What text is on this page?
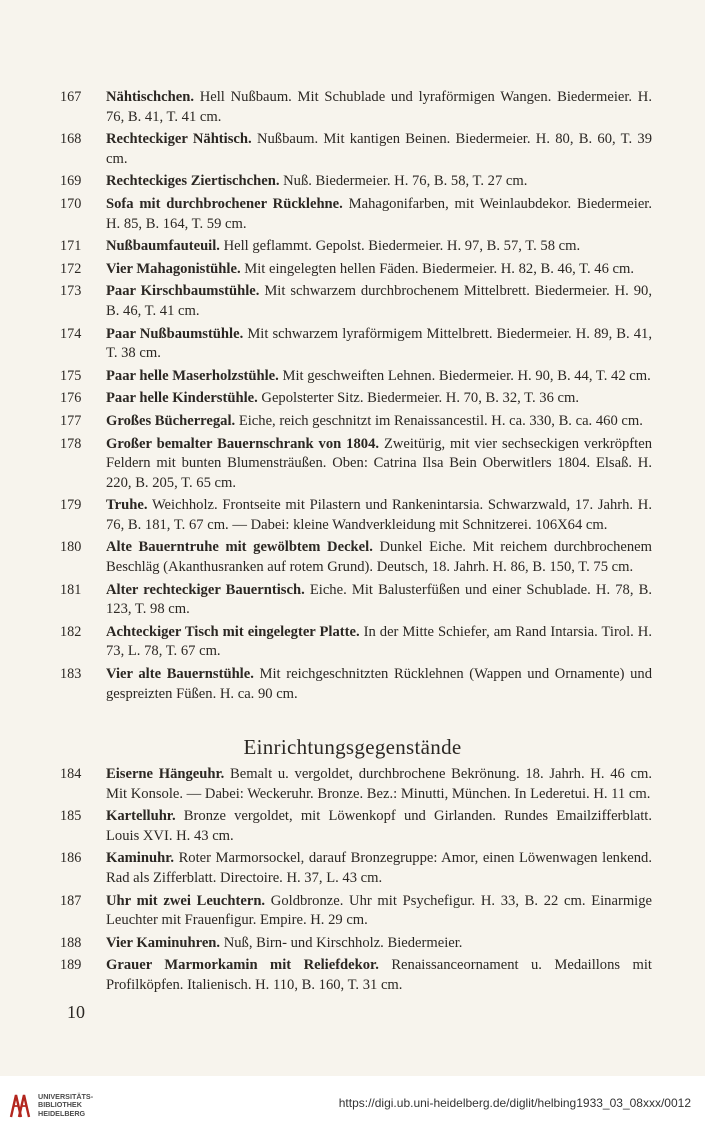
167	Nähtischchen. Hell Nußbaum. Mit Schublade und lyraförmigen Wangen. Biedermeier. H. 76, B. 41, T. 41 cm.

168	Rechteckiger Nähtisch. Nußbaum. Mit kantigen Beinen. Biedermeier. H. 80, B. 60, T. 39 cm.

169	Rechteckiges Ziertischchen. Nuß. Biedermeier. H. 76, B. 58, T. 27 cm.

170	Sofa mit durchbrochener Rücklehne. Mahagonifarben, mit Weinlaubdekor. Biedermeier. H. 85, B. 164, T. 59 cm.

171	Nußbaumfauteuil. Hell geflammt. Gepolst. Biedermeier. H. 97, B. 57, T. 58 cm.

172	Vier Mahagonistühle. Mit eingelegten hellen Fäden. Biedermeier. H. 82, B. 46, T. 46 cm.

173	Paar Kirschbaumstühle. Mit schwarzem durchbrochenem Mittelbrett. Biedermeier. H. 90, B. 46, T. 41 cm.

174	Paar Nußbaumstühle. Mit schwarzem lyraförmigem Mittelbrett. Biedermeier. H. 89, B. 41, T. 38 cm.

175	Paar helle Maserholzstühle. Mit geschweiften Lehnen. Biedermeier. H. 90, B. 44, T. 42 cm.

176	Paar helle Kinderstühle. Gepolsterter Sitz. Biedermeier. H. 70, B. 32, T. 36 cm.

177	Großes Bücherregal. Eiche, reich geschnitzt im Renaissancestil. H. ca. 330, B. ca. 460 cm.

178	Großer bemalter Bauernschrank von 1804. Zweitürig, mit vier sechseckigen verkröpften Feldern mit bunten Blumensträußen. Oben: Catrina Ilsa Bein Oberwitlers 1804. Elsaß. H. 220, B. 205, T. 65 cm.

179	Truhe. Weichholz. Frontseite mit Pilastern und Rankenintarsia. Schwarzwald, 17. Jahrh. H. 76, B. 181, T. 67 cm. — Dabei: kleine Wandverkleidung mit Schnitzerei. 106X64 cm.

180	Alte Bauerntruhe mit gewölbtem Deckel. Dunkel Eiche. Mit reichem durchbrochenem Beschläg (Akanthusranken auf rotem Grund). Deutsch, 18. Jahrh. H. 86, B. 150, T. 75 cm.

181	Alter rechteckiger Bauerntisch. Eiche. Mit Balusterfüßen und einer Schublade. H. 78, B. 123, T. 98 cm.

182	Achteckiger Tisch mit eingelegter Platte. In der Mitte Schiefer, am Rand Intarsia. Tirol. H. 73, L. 78, T. 67 cm.

183	Vier alte Bauernstühle. Mit reichgeschnitzten Rücklehnen (Wappen und Ornamente) und gespreizten Füßen. H. ca. 90 cm.

Einrichtungsgegenstände

184	Eiserne Hängeuhr. Bemalt u. vergoldet, durchbrochene Bekrönung. 18. Jahrh. H. 46 cm. Mit Konsole. — Dabei: Weckeruhr. Bronze. Bez.: Minutti, München. In Lederetui. H. 11 cm.

185	Kartelluhr. Bronze vergoldet, mit Löwenkopf und Girlanden. Rundes Emailzifferblatt. Louis XVI. H. 43 cm.

186	Kaminuhr. Roter Marmorsockel, darauf Bronzegruppe: Amor, einen Löwenwagen lenkend. Rad als Zifferblatt. Directoire. H. 37, L. 43 cm.

187	Uhr mit zwei Leuchtern. Goldbronze. Uhr mit Psychefigur. H. 33, B. 22 cm. Einarmige Leuchter mit Frauenfigur. Empire. H. 29 cm.

188	Vier Kaminuhren. Nuß, Birn- und Kirschholz. Biedermeier.

189	Grauer Marmorkamin mit Reliefdekor. Renaissanceornament u. Medaillons mit Profilköpfen. Italienisch. H. 110, B. 160, T. 31 cm.

10
UNIVERSITÄTS-
BIBLIOTHEK
HEIDELBERG
https://digi.ub.uni-heidelberg.de/diglit/helbing1933_03_08xxx/0012
